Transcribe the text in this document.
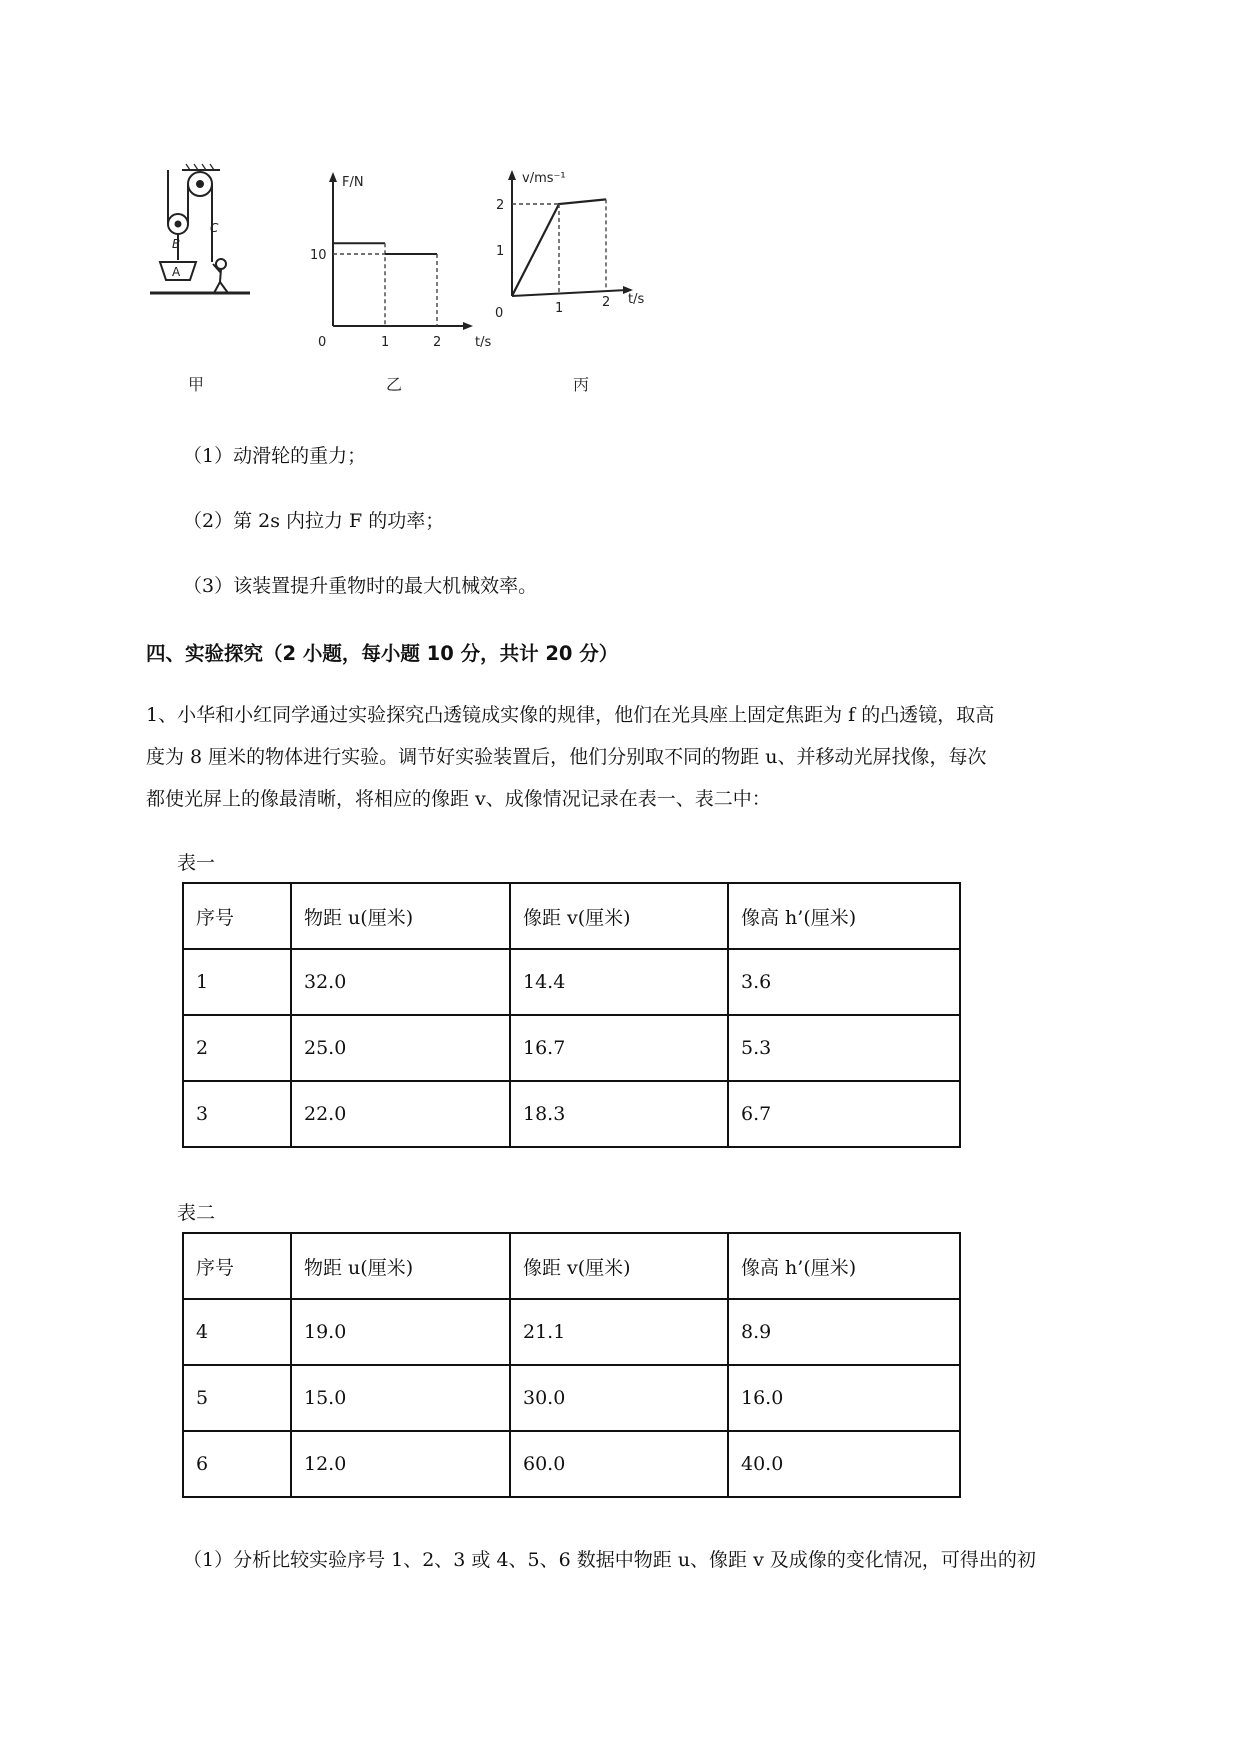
A
B
C
甲
F/N
t/s
0
10
1	2
乙
v/ms⁻¹
t/s
0
1
2
1	2
丙

（1）动滑轮的重力；

（2）第 2s 内拉力 F 的功率；

（3）该装置提升重物时的最大机械效率。

四、实验探究（2 小题，每小题 10 分，共计 20 分）

1、小华和小红同学通过实验探究凸透镜成实像的规律，他们在光具座上固定焦距为 f 的凸透镜，取高
度为 8 厘米的物体进行实验。调节好实验装置后，他们分别取不同的物距 u、并移动光屏找像，每次
都使光屏上的像最清晰，将相应的像距 v、成像情况记录在表一、表二中：

表一

序号	物距 u(厘米)	像距 v(厘米)	像高 h’(厘米)
1	32.0	14.4	3.6
2	25.0	16.7	5.3
3	22.0	18.3	6.7

表二

序号	物距 u(厘米)	像距 v(厘米)	像高 h’(厘米)
4	19.0	21.1	8.9
5	15.0	30.0	16.0
6	12.0	60.0	40.0

（1）分析比较实验序号 1、2、3 或 4、5、6 数据中物距 u、像距 v 及成像的变化情况，可得出的初
